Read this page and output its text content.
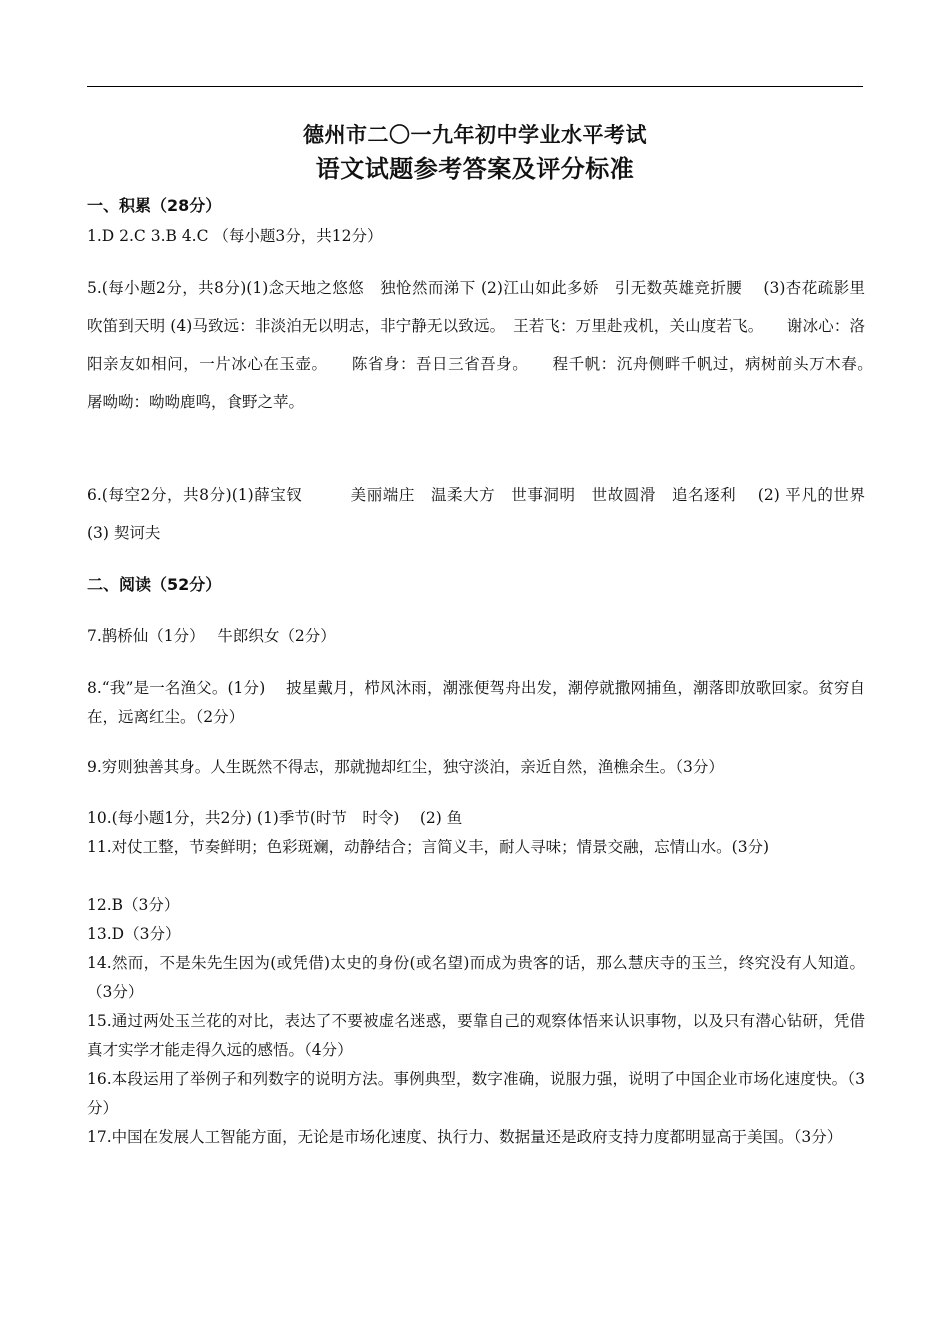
德州市二〇一九年初中学业水平考试
语文试题参考答案及评分标准
一、积累（28分）
1.D 2.C 3.B 4.C （每小题3分，共12分）
5.(每小题2分，共8分)(1)念天地之悠悠　独怆然而涕下 (2)江山如此多娇　引无数英雄竞折腰　 (3)杏花疏影里　吹笛到天明 (4)马致远：非淡泊无以明志，非宁静无以致远。　王若飞：万里赴戎机，关山度若飞。　　谢冰心：洛阳亲友如相问，一片冰心在玉壶。　　陈省身：吾日三省吾身。　　程千帆：沉舟侧畔千帆过，病树前头万木春。　　屠呦呦：呦呦鹿鸣，食野之苹。
6.(每空2分，共8分)(1)薛宝钗　　　美丽端庄　温柔大方　世事洞明　世故圆滑　追名逐利　 (2) 平凡的世界　　　(3) 契诃夫
二、阅读（52分）
7.鹊桥仙（1分）　 牛郎织女（2分）
8.“我”是一名渔父。(1分)　 披星戴月，栉风沐雨，潮涨便驾舟出发，潮停就撒网捕鱼，潮落即放歌回家。贫穷自在，远离红尘。（2分）
9.穷则独善其身。人生既然不得志，那就抛却红尘，独守淡泊，亲近自然，渔樵余生。（3分）
10.(每小题1分，共2分) (1)季节(时节　时令)　 (2) 鱼
11.对仗工整，节奏鲜明；色彩斑斓，动静结合；言简义丰，耐人寻味；情景交融，忘情山水。(3分)
12.B（3分）
13.D（3分）
14.然而，不是朱先生因为(或凭借)太史的身份(或名望)而成为贵客的话，那么慧庆寺的玉兰，终究没有人知道。 （3分）
15.通过两处玉兰花的对比，表达了不要被虚名迷惑，要靠自己的观察体悟来认识事物，以及只有潜心钻研，凭借真才实学才能走得久远的感悟。（4分）
16.本段运用了举例子和列数字的说明方法。事例典型，数字准确，说服力强，说明了中国企业市场化速度快。（3分）
17.中国在发展人工智能方面，无论是市场化速度、执行力、数据量还是政府支持力度都明显高于美国。（3分）
